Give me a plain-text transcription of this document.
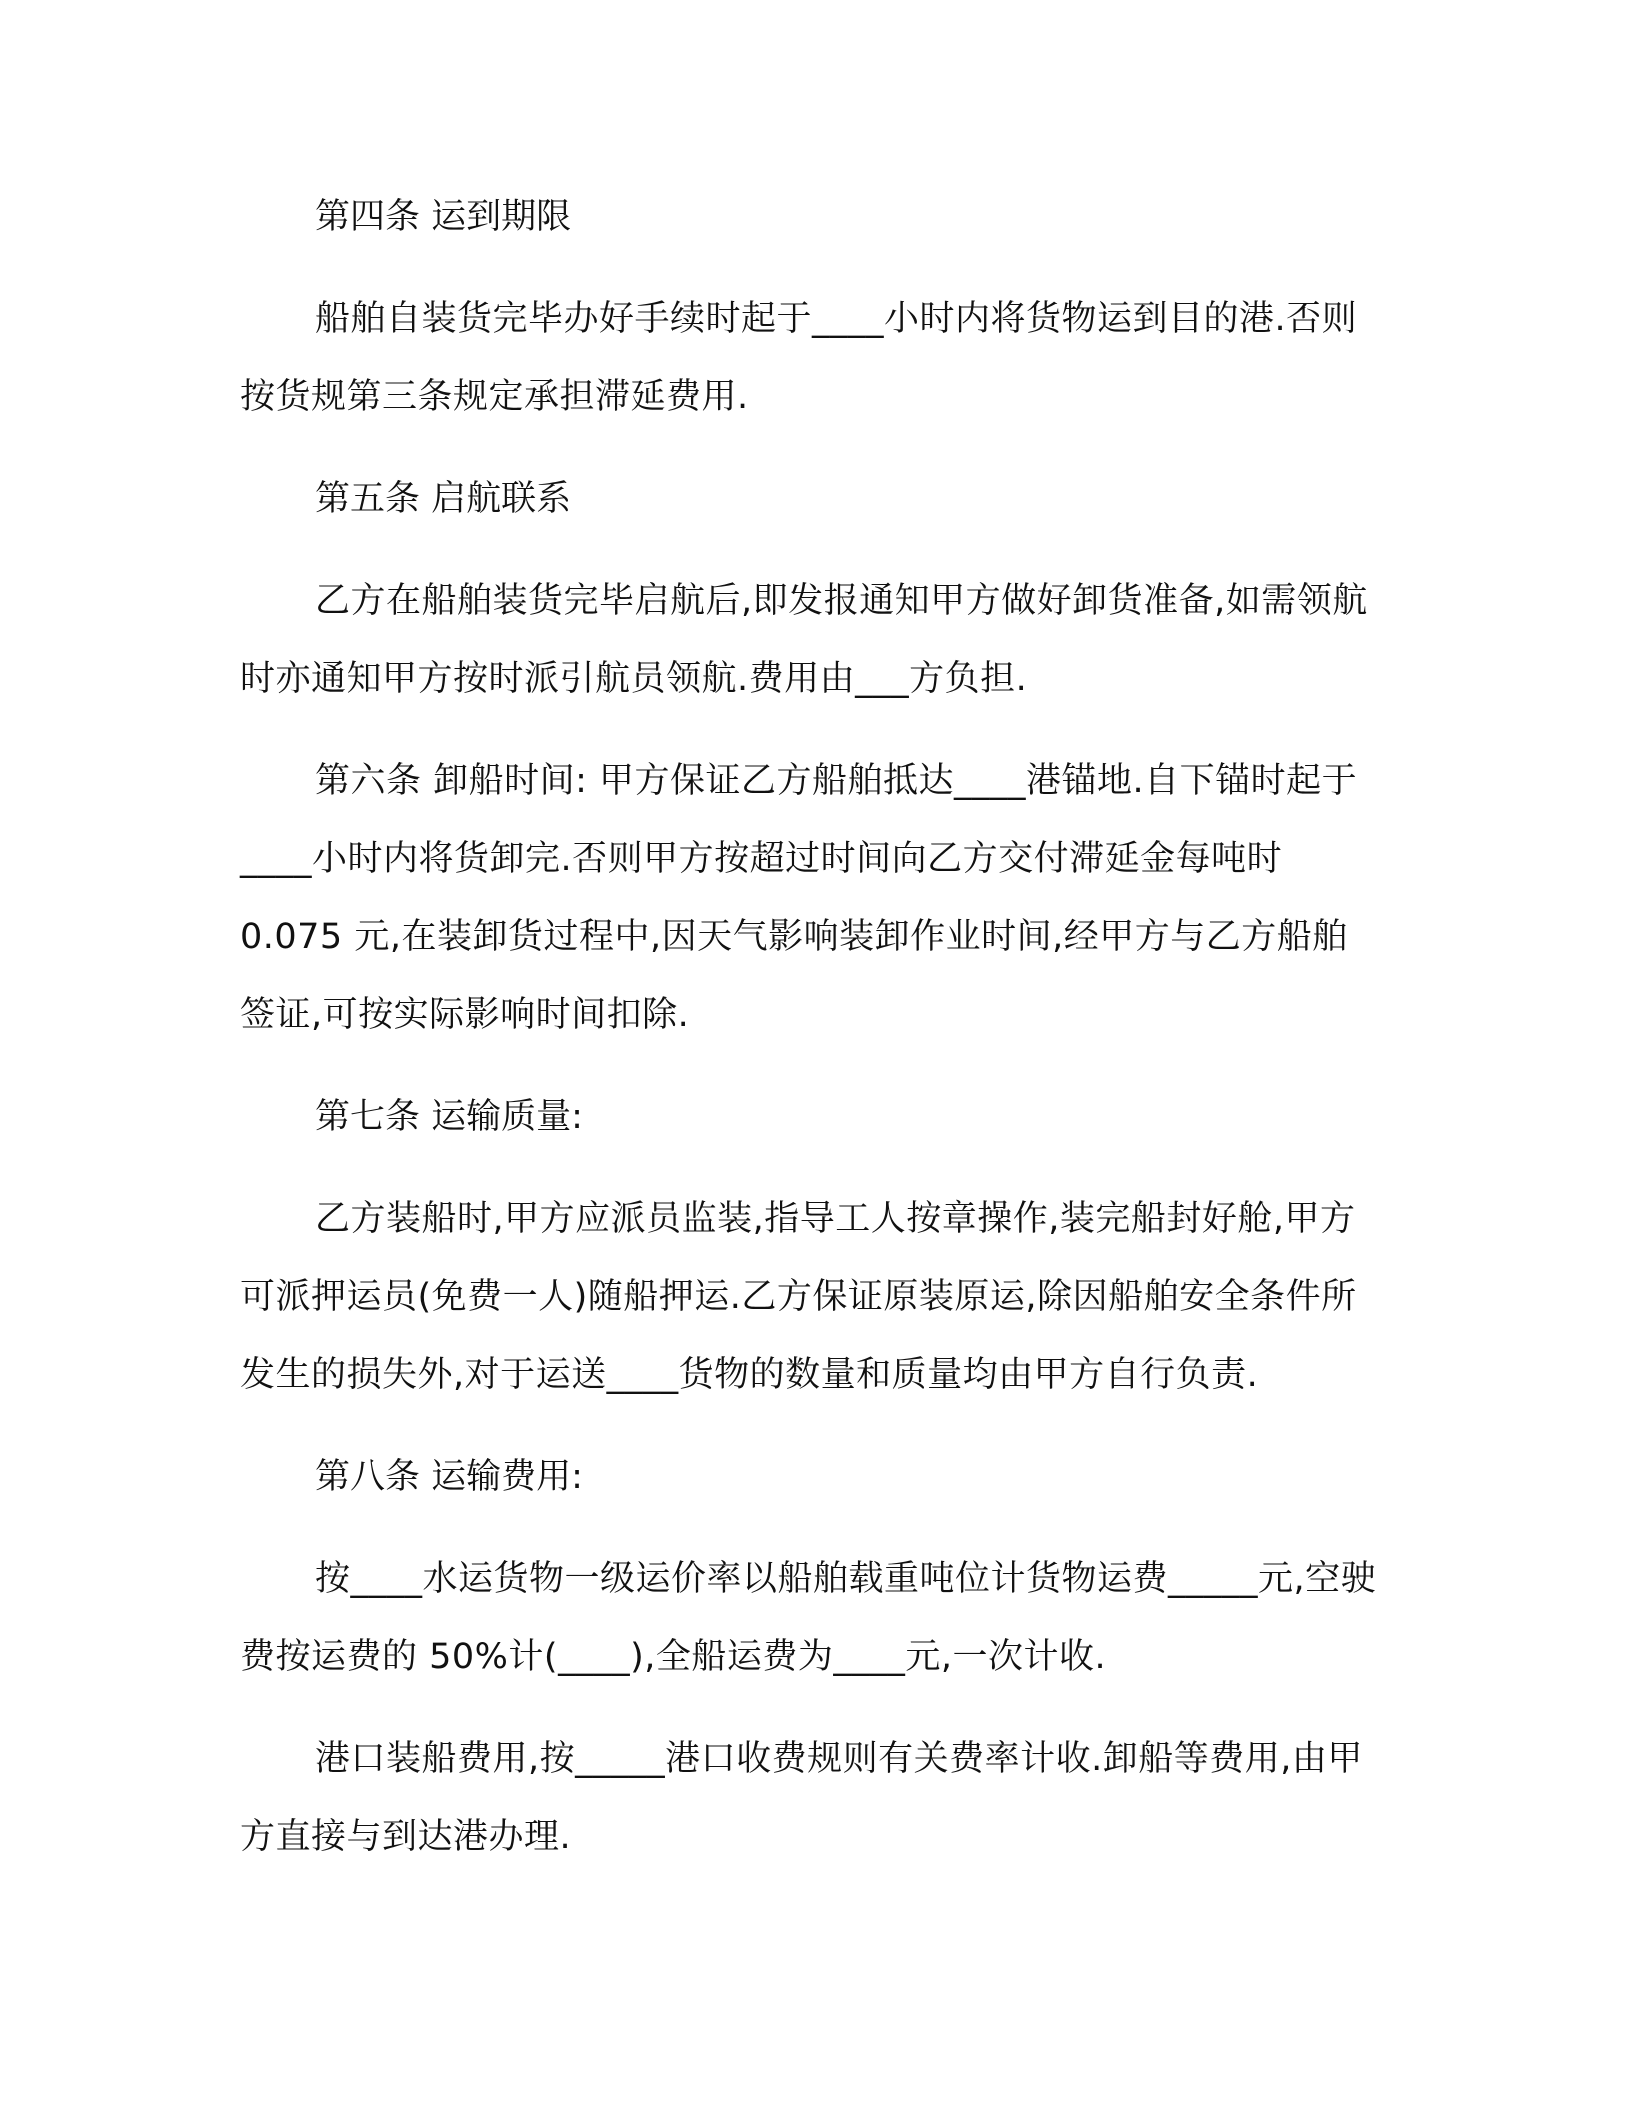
第四条 运到期限

船舶自装货完毕办好手续时起于____小时内将货物运到目的港.否则按货规第三条规定承担滞延费用.

第五条 启航联系

乙方在船舶装货完毕启航后,即发报通知甲方做好卸货准备,如需领航时亦通知甲方按时派引航员领航.费用由___方负担.

第六条 卸船时间: 甲方保证乙方船舶抵达____港锚地.自下锚时起于____小时内将货卸完.否则甲方按超过时间向乙方交付滞延金每吨时0.075 元,在装卸货过程中,因天气影响装卸作业时间,经甲方与乙方船舶签证,可按实际影响时间扣除.

第七条 运输质量:

乙方装船时,甲方应派员监装,指导工人按章操作,装完船封好舱,甲方可派押运员(免费一人)随船押运.乙方保证原装原运,除因船舶安全条件所发生的损失外,对于运送____货物的数量和质量均由甲方自行负责.

第八条 运输费用:

按____水运货物一级运价率以船舶载重吨位计货物运费_____元,空驶费按运费的 50%计(____),全船运费为____元,一次计收.

港口装船费用,按_____港口收费规则有关费率计收.卸船等费用,由甲方直接与到达港办理.
